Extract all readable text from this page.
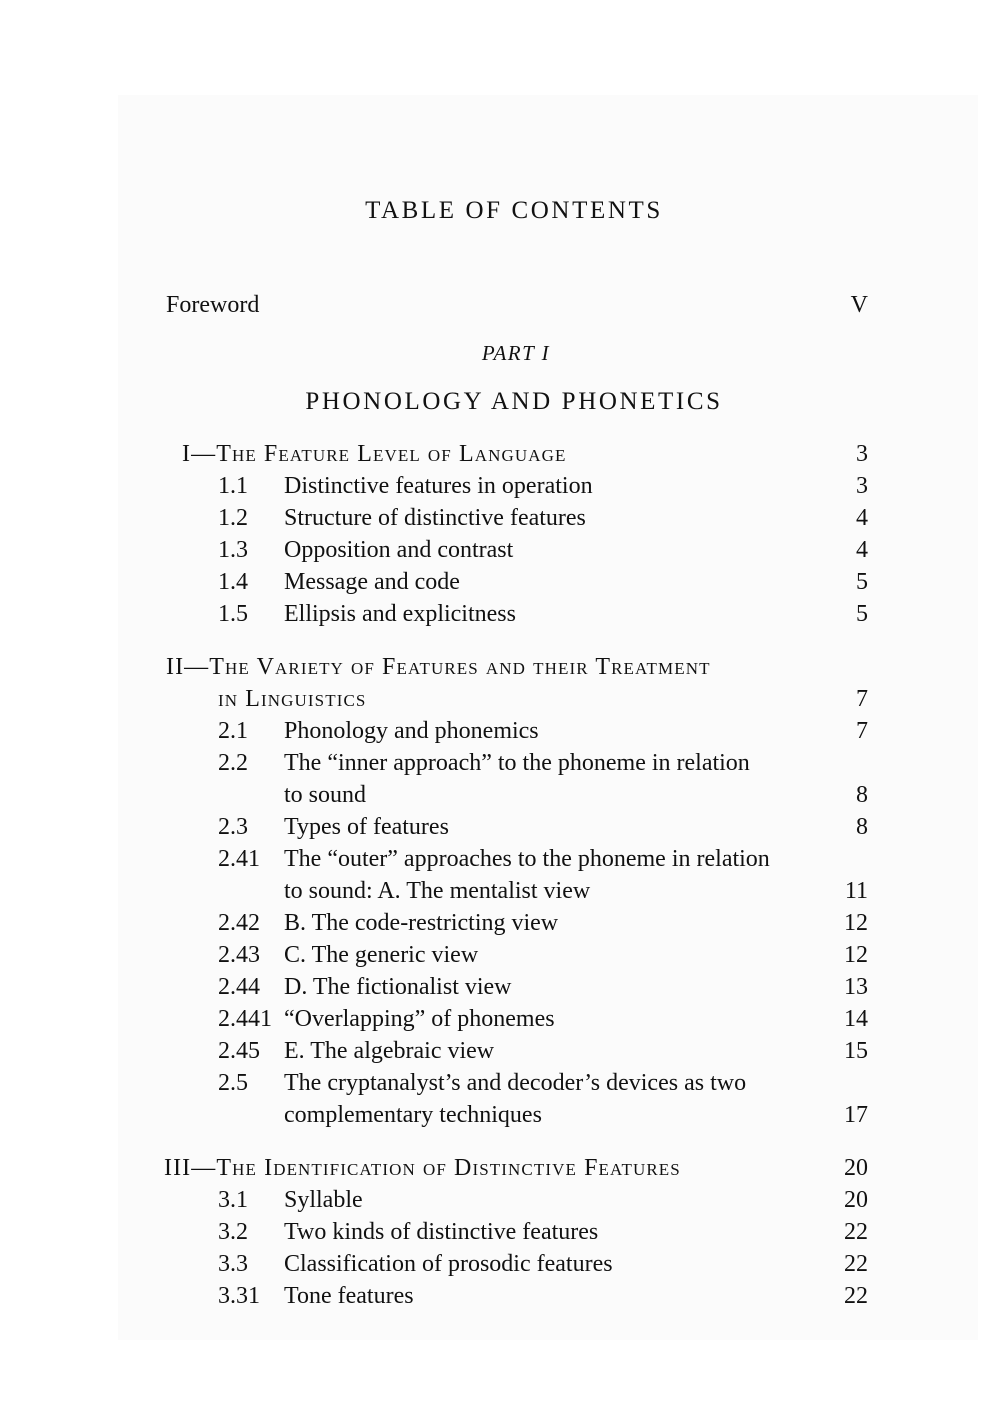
TABLE OF CONTENTS
Foreword	V
PART I
PHONOLOGY AND PHONETICS
I—The Feature Level of Language	3
1.1 Distinctive features in operation	3
1.2 Structure of distinctive features	4
1.3 Opposition and contrast	4
1.4 Message and code	5
1.5 Ellipsis and explicitness	5
II—The Variety of Features and their Treatment
in Linguistics	7
2.1 Phonology and phonemics	7
2.2 The “inner approach” to the phoneme in relation
to sound	8
2.3 Types of features	8
2.41 The “outer” approaches to the phoneme in relation
to sound: A. The mentalist view	11
2.42 B. The code-restricting view	12
2.43 C. The generic view	12
2.44 D. The fictionalist view	13
2.441 “Overlapping” of phonemes	14
2.45 E. The algebraic view	15
2.5 The cryptanalyst’s and decoder’s devices as two
complementary techniques	17
III—The Identification of Distinctive Features	20
3.1 Syllable	20
3.2 Two kinds of distinctive features	22
3.3 Classification of prosodic features	22
3.31 Tone features	22
